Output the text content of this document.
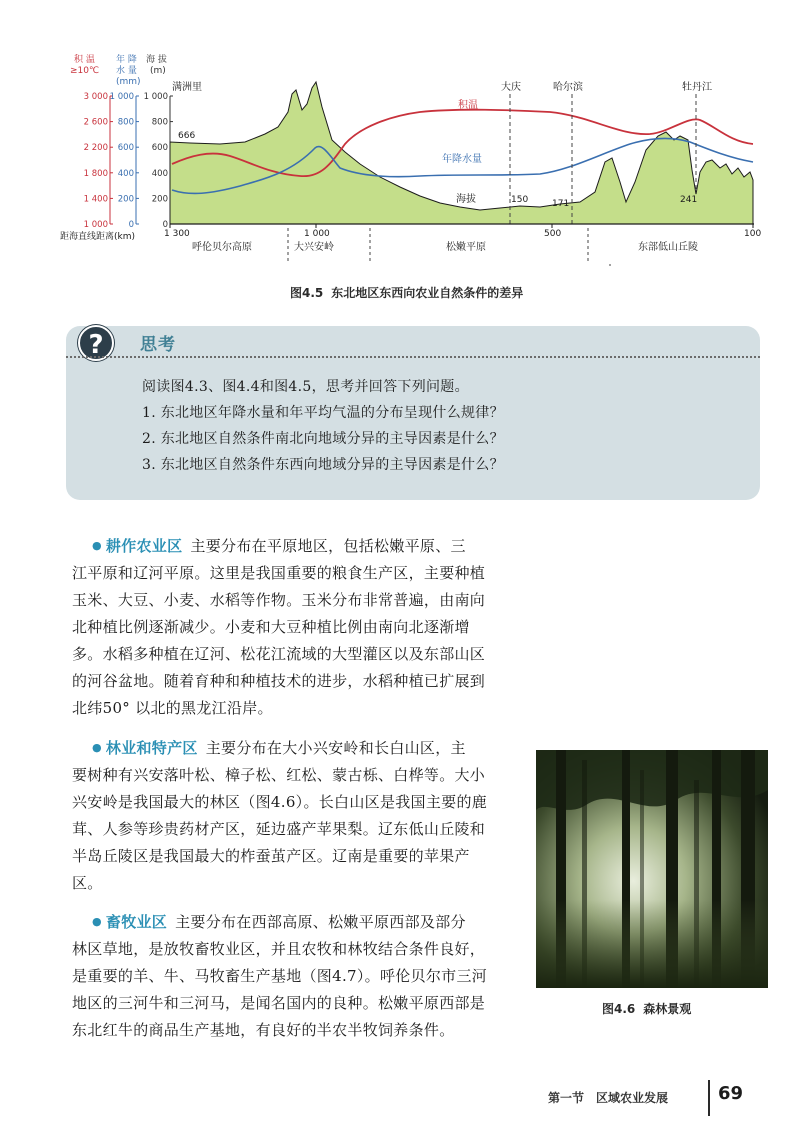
积 温
≥10℃
年 降
水 量
(mm)
海 拔
(m)
3 000
2 600
2 200
1 800
1 400
1 000
1 000
800
600
400
200
0
1 000
800
600
400
200
0
满洲里	大庆	哈尔滨	牡丹江
积温
年降水量
海拔
666
150	171	241
距海直线距离(km)	1 300	1 000	500	100
呼伦贝尔高原	大兴安岭	松嫩平原	东部低山丘陵
图4.5 东北地区东西向农业自然条件的差异
?	思考
阅读图4.3、图4.4和图4.5，思考并回答下列问题。
1. 东北地区年降水量和年平均气温的分布呈现什么规律？
2. 东北地区自然条件南北向地域分异的主导因素是什么？
3. 东北地区自然条件东西向地域分异的主导因素是什么？
● 耕作农业区 主要分布在平原地区，包括松嫩平原、三
江平原和辽河平原。这里是我国重要的粮食生产区，主要种植
玉米、大豆、小麦、水稻等作物。玉米分布非常普遍，由南向
北种植比例逐渐减少。小麦和大豆种植比例由南向北逐渐增
多。水稻多种植在辽河、松花江流域的大型灌区以及东部山区
的河谷盆地。随着育种和种植技术的进步，水稻种植已扩展到
北纬50° 以北的黑龙江沿岸。
● 林业和特产区 主要分布在大小兴安岭和长白山区，主
要树种有兴安落叶松、樟子松、红松、蒙古栎、白桦等。大小
兴安岭是我国最大的林区（图4.6）。长白山区是我国主要的鹿
茸、人参等珍贵药材产区，延边盛产苹果梨。辽东低山丘陵和
半岛丘陵区是我国最大的柞蚕茧产区。辽南是重要的苹果产
区。
● 畜牧业区 主要分布在西部高原、松嫩平原西部及部分
林区草地，是放牧畜牧业区，并且农牧和林牧结合条件良好，
是重要的羊、牛、马牧畜生产基地（图4.7）。呼伦贝尔市三河
地区的三河牛和三河马，是闻名国内的良种。松嫩平原西部是
东北红牛的商品生产基地，有良好的半农半牧饲养条件。
图4.6 森林景观
第一节 区域农业发展	69
